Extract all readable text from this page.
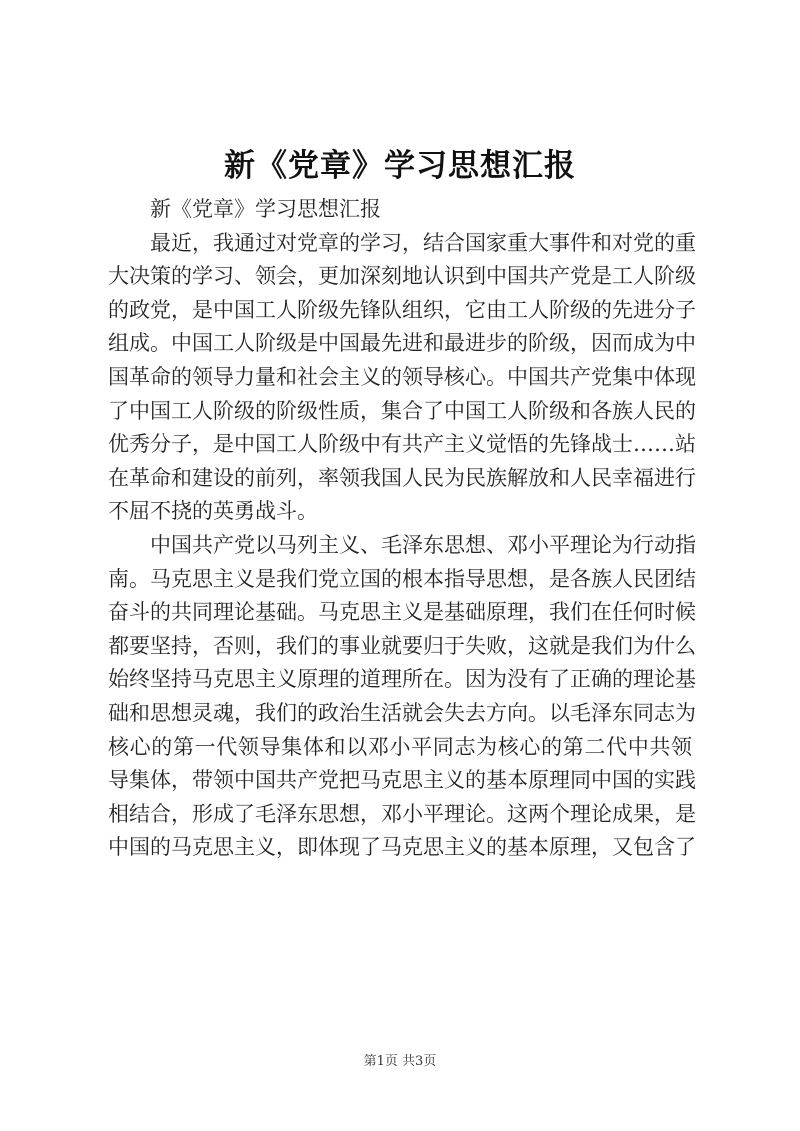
新《党章》学习思想汇报
新《党章》学习思想汇报
最近，我通过对党章的学习，结合国家重大事件和对党的重
大决策的学习、领会，更加深刻地认识到中国共产党是工人阶级
的政党，是中国工人阶级先锋队组织，它由工人阶级的先进分子
组成。中国工人阶级是中国最先进和最进步的阶级，因而成为中
国革命的领导力量和社会主义的领导核心。中国共产党集中体现
了中国工人阶级的阶级性质，集合了中国工人阶级和各族人民的
优秀分子，是中国工人阶级中有共产主义觉悟的先锋战士……站
在革命和建设的前列，率领我国人民为民族解放和人民幸福进行
不屈不挠的英勇战斗。
中国共产党以马列主义、毛泽东思想、邓小平理论为行动指
南。马克思主义是我们党立国的根本指导思想，是各族人民团结
奋斗的共同理论基础。马克思主义是基础原理，我们在任何时候
都要坚持，否则，我们的事业就要归于失败，这就是我们为什么
始终坚持马克思主义原理的道理所在。因为没有了正确的理论基
础和思想灵魂，我们的政治生活就会失去方向。以毛泽东同志为
核心的第一代领导集体和以邓小平同志为核心的第二代中共领
导集体，带领中国共产党把马克思主义的基本原理同中国的实践
相结合，形成了毛泽东思想，邓小平理论。这两个理论成果，是
中国的马克思主义，即体现了马克思主义的基本原理，又包含了
第1页 共3页
